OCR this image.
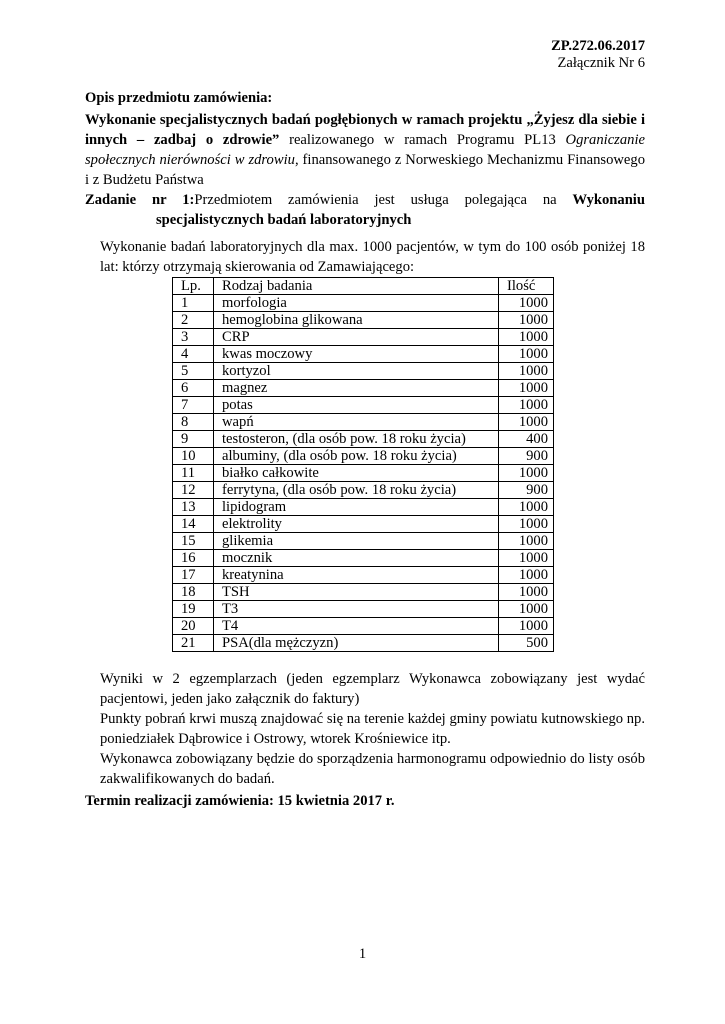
ZP.272.06.2017
Załącznik Nr 6

Opis przedmiotu zamówienia:

Wykonanie specjalistycznych badań pogłębionych w ramach projektu „Żyjesz dla siebie i innych – zadbaj o zdrowie” realizowanego w ramach Programu PL13 Ograniczanie społecznych nierówności w zdrowiu, finansowanego z Norweskiego Mechanizmu Finansowego i z Budżetu Państwa

Zadanie nr 1:Przedmiotem zamówienia jest usługa polegająca na Wykonaniu specjalistycznych badań laboratoryjnych

Wykonanie badań laboratoryjnych dla max. 1000 pacjentów, w tym do 100 osób poniżej 18 lat: którzy otrzymają skierowania od Zamawiającego:

Lp.	Rodzaj badania	Ilość
1	morfologia	1000
2	hemoglobina glikowana	1000
3	CRP	1000
4	kwas moczowy	1000
5	kortyzol	1000
6	magnez	1000
7	potas	1000
8	wapń	1000
9	testosteron, (dla osób pow. 18 roku życia)	400
10	albuminy, (dla osób pow. 18 roku życia)	900
11	białko całkowite	1000
12	ferrytyna, (dla osób pow. 18 roku życia)	900
13	lipidogram	1000
14	elektrolity	1000
15	glikemia	1000
16	mocznik	1000
17	kreatynina	1000
18	TSH	1000
19	T3	1000
20	T4	1000
21	PSA(dla mężczyzn)	500

Wyniki w 2 egzemplarzach (jeden egzemplarz Wykonawca zobowiązany jest wydać pacjentowi, jeden jako załącznik do faktury)

Punkty pobrań krwi muszą znajdować się na terenie każdej gminy powiatu kutnowskiego np. poniedziałek Dąbrowice i Ostrowy, wtorek Krośniewice itp.

Wykonawca zobowiązany będzie do sporządzenia harmonogramu odpowiednio do listy osób zakwalifikowanych do badań.

Termin realizacji zamówienia: 15 kwietnia 2017 r.

1
